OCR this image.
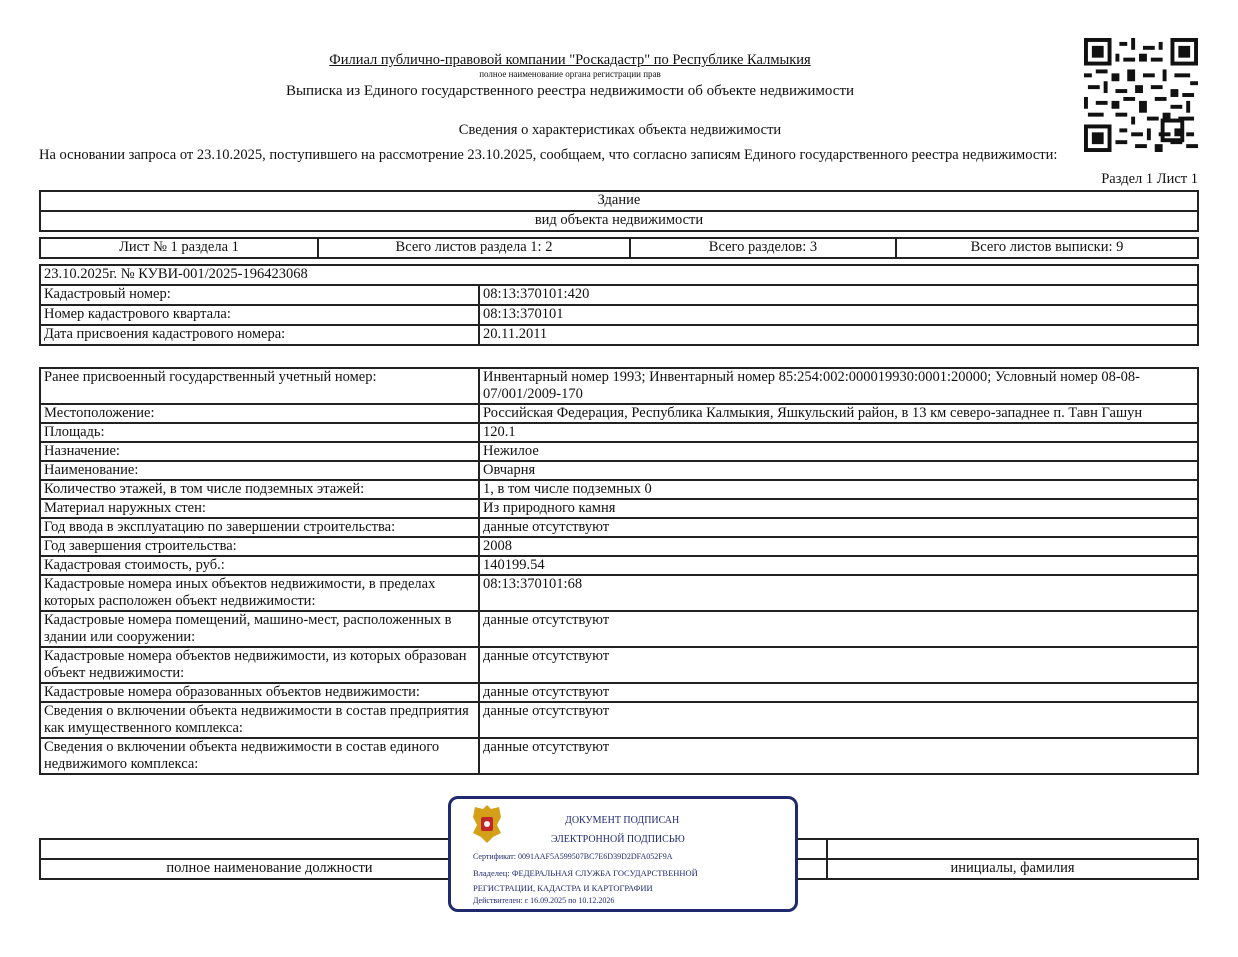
Филиал публично-правовой компании "Роскадастр" по Республике Калмыкия
полное наименование органа регистрации прав
Выписка из Единого государственного реестра недвижимости об объекте недвижимости
Сведения о характеристиках объекта недвижимости
На основании запроса от 23.10.2025, поступившего на рассмотрение 23.10.2025, сообщаем, что согласно записям Единого государственного реестра недвижимости:
Раздел 1 Лист 1
Здание
вид объекта недвижимости
Лист № 1 раздела 1	Всего листов раздела 1: 2	Всего разделов: 3	Всего листов выписки: 9
23.10.2025г. № КУВИ-001/2025-196423068	
Кадастровый номер:	08:13:370101:420
Номер кадастрового квартала:	08:13:370101
Дата присвоения кадастрового номера:	20.11.2011
Ранее присвоенный государственный учетный номер:	Инвентарный номер 1993; Инвентарный номер 85:254:002:000019930:0001:20000; Условный номер 08-08-07/001/2009-170
Местоположение:	Российская Федерация, Республика Калмыкия, Яшкульский район, в 13 км северо-западнее п. Тавн Гашун
Площадь:	120.1
Назначение:	Нежилое
Наименование:	Овчарня
Количество этажей, в том числе подземных этажей:	1, в том числе подземных 0
Материал наружных стен:	Из природного камня
Год ввода в эксплуатацию по завершении строительства:	данные отсутствуют
Год завершения строительства:	2008
Кадастровая стоимость, руб.:	140199.54
Кадастровые номера иных объектов недвижимости, в пределах которых расположен объект недвижимости:	08:13:370101:68
Кадастровые номера помещений, машино-мест, расположенных в здании или сооружении:	данные отсутствуют
Кадастровые номера объектов недвижимости, из которых образован объект недвижимости:	данные отсутствуют
Кадастровые номера образованных объектов недвижимости:	данные отсутствуют
Сведения о включении объекта недвижимости в состав предприятия как имущественного комплекса:	данные отсутствуют
Сведения о включении объекта недвижимости в состав единого недвижимого комплекса:	данные отсутствуют

полное наименование должности		инициалы, фамилия
ДОКУМЕНТ ПОДПИСАН
ЭЛЕКТРОННОЙ ПОДПИСЬЮ
Сертификат: 0091AAF5A599507BC7E6D39D2DFA052F9A
Владелец: ФЕДЕРАЛЬНАЯ СЛУЖБА ГОСУДАРСТВЕННОЙ
РЕГИСТРАЦИИ, КАДАСТРА И КАРТОГРАФИИ
Действителен: с 16.09.2025 по 10.12.2026
